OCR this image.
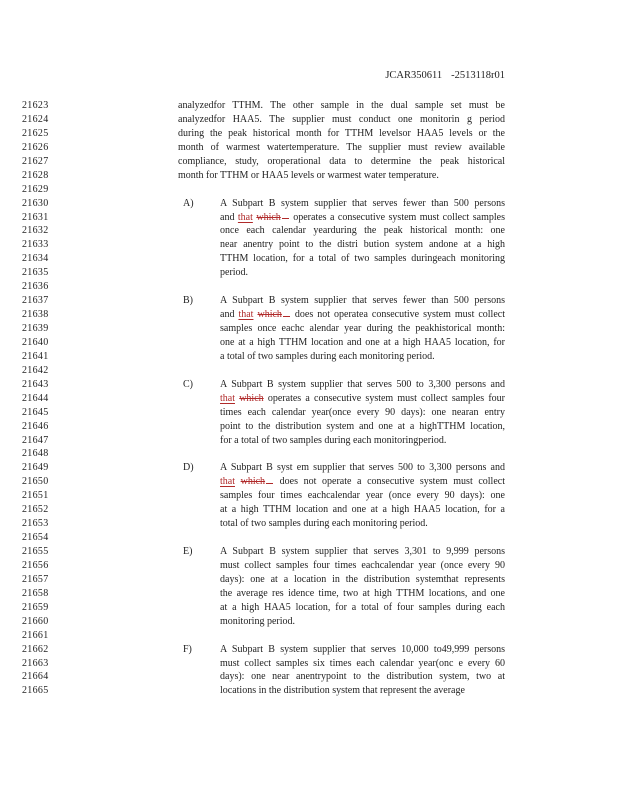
JCAR350611 -2513118r01
21623	analyzedfor TTHM. The other sample in the dual sample set must be
21624	analyzedfor HAA5. The supplier must conduct one monitorin g period
21625	during the peak historical month for TTHM levelsor HAA5 levels or the
21626	month of warmest watertemperature. The supplier must review available
21627	compliance, study, oroperational data to determine the peak historical
21628	month for TTHM or HAA5 levels or warmest water temperature.
21629
21630	A)	A Subpart B system supplier that serves fewer than 500 persons
21631	and that which operates a consecutive system must collect samples
21632	once each calendar yearduring the peak historical month: one
21633	near anentry point to the distri bution system andone at a high
21634	TTHM location, for a total of two samples duringeach monitoring
21635	period.
21636
21637	B)	A Subpart B system supplier that serves fewer than 500 persons
21638	and that which does not operatea consecutive system must collect
21639	samples once eachc alendar year during the peakhistorical month:
21640	one at a high TTHM location and one at a high HAA5 location, for
21641	a total of two samples during each monitoring period.
21642
21643	C)	A Subpart B system supplier that serves 500 to 3,300 persons and
21644	that which operates a consecutive system must collect samples four
21645	times each calendar year(once every 90 days): one nearan entry
21646	point to the distribution system and one at a highTTHM location,
21647	for a total of two samples during each monitoringperiod.
21648
21649	D)	A Subpart B syst em supplier that serves 500 to 3,300 persons and
21650	that which does not operate a consecutive system must collect
21651	samples four times eachcalendar year (once every 90 days): one
21652	at a high TTHM location and one at a high HAA5 location, for a
21653	total of two samples during each monitoring period.
21654
21655	E)	A Subpart B system supplier that serves 3,301 to 9,999 persons
21656	must collect samples four times eachcalendar year (once every 90
21657	days): one at a location in the distribution systemthat represents
21658	the average res idence time, two at high TTHM locations, and one
21659	at a high HAA5 location, for a total of four samples during each
21660	monitoring period.
21661
21662	F)	A Subpart B system supplier that serves 10,000 to49,999 persons
21663	must collect samples six times each calendar year(onc e every 60
21664	days): one near anentrypoint to the distribution system, two at
21665	locations in the distribution system that represent the average
